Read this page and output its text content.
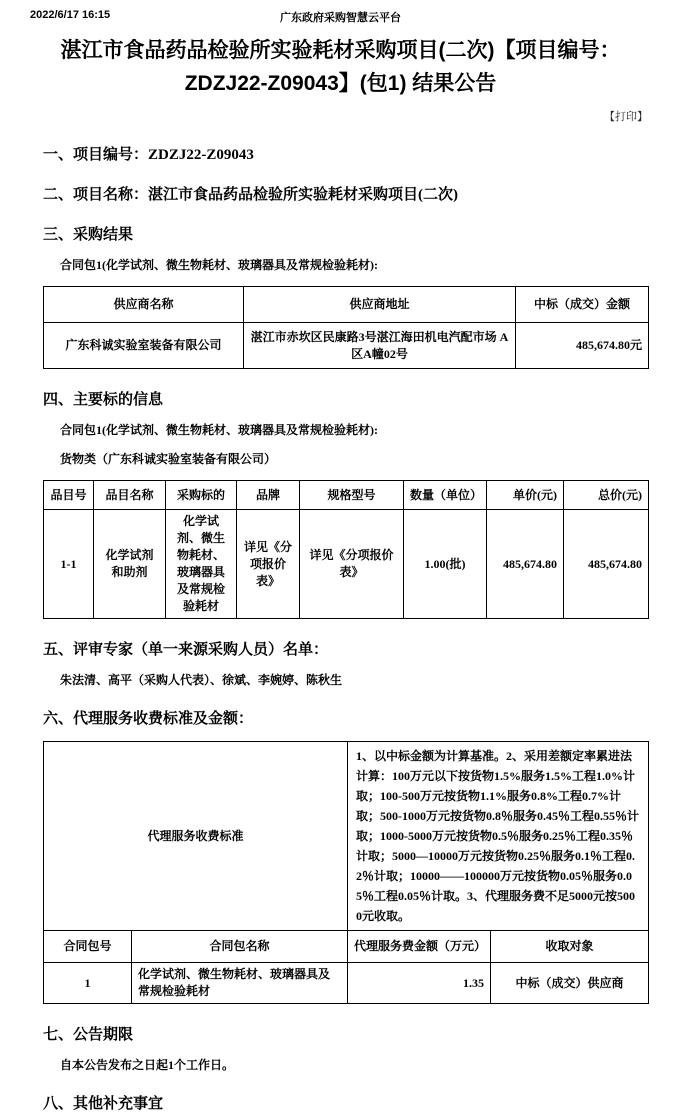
2022/6/17 16:15	广东政府采购智慧云平台
湛江市食品药品检验所实验耗材采购项目(二次)【项目编号：ZDZJ22-Z09043】(包1) 结果公告
【打印】
一、项目编号：ZDZJ22-Z09043
二、项目名称：湛江市食品药品检验所实验耗材采购项目(二次)
三、采购结果
合同包1(化学试剂、微生物耗材、玻璃器具及常规检验耗材):
供应商名称	供应商地址	中标（成交）金额
广东科诚实验室装备有限公司	湛江市赤坎区民康路3号湛江海田机电汽配市场 A区A幢02号	485,674.80元
四、主要标的信息
合同包1(化学试剂、微生物耗材、玻璃器具及常规检验耗材):
货物类（广东科诚实验室装备有限公司）
品目号	品目名称	采购标的	品牌	规格型号	数量（单位）	单价(元)	总价(元)
1-1	化学试剂和助剂	化学试剂、微生物耗材、玻璃器具及常规检验耗材	详见《分项报价表》	详见《分项报价表》	1.00(批)	485,674.80	485,674.80
五、评审专家（单一来源采购人员）名单：
朱法清、高平（采购人代表）、徐斌、李婉婷、陈秋生
六、代理服务收费标准及金额：
代理服务收费标准		1、以中标金额为计算基准。2、采用差额定率累进法计算：100万元以下按货物1.5%服务1.5%工程1.0%计取；100-500万元按货物1.1%服务0.8%工程0.7%计取；500-1000万元按货物0.8％服务0.45％工程0.55％计取；1000-5000万元按货物0.5％服务0.25％工程0.35％计取；5000—10000万元按货物0.25％服务0.1％工程0.2％计取；10000——100000万元按货物0.05％服务0.05％工程0.05％计取。3、代理服务费不足5000元按5000元收取。	
合同包号	合同包名称	代理服务费金额（万元）	收取对象
1	化学试剂、微生物耗材、玻璃器具及常规检验耗材	1.35	中标（成交）供应商
七、公告期限
自本公告发布之日起1个工作日。
八、其他补充事宜
